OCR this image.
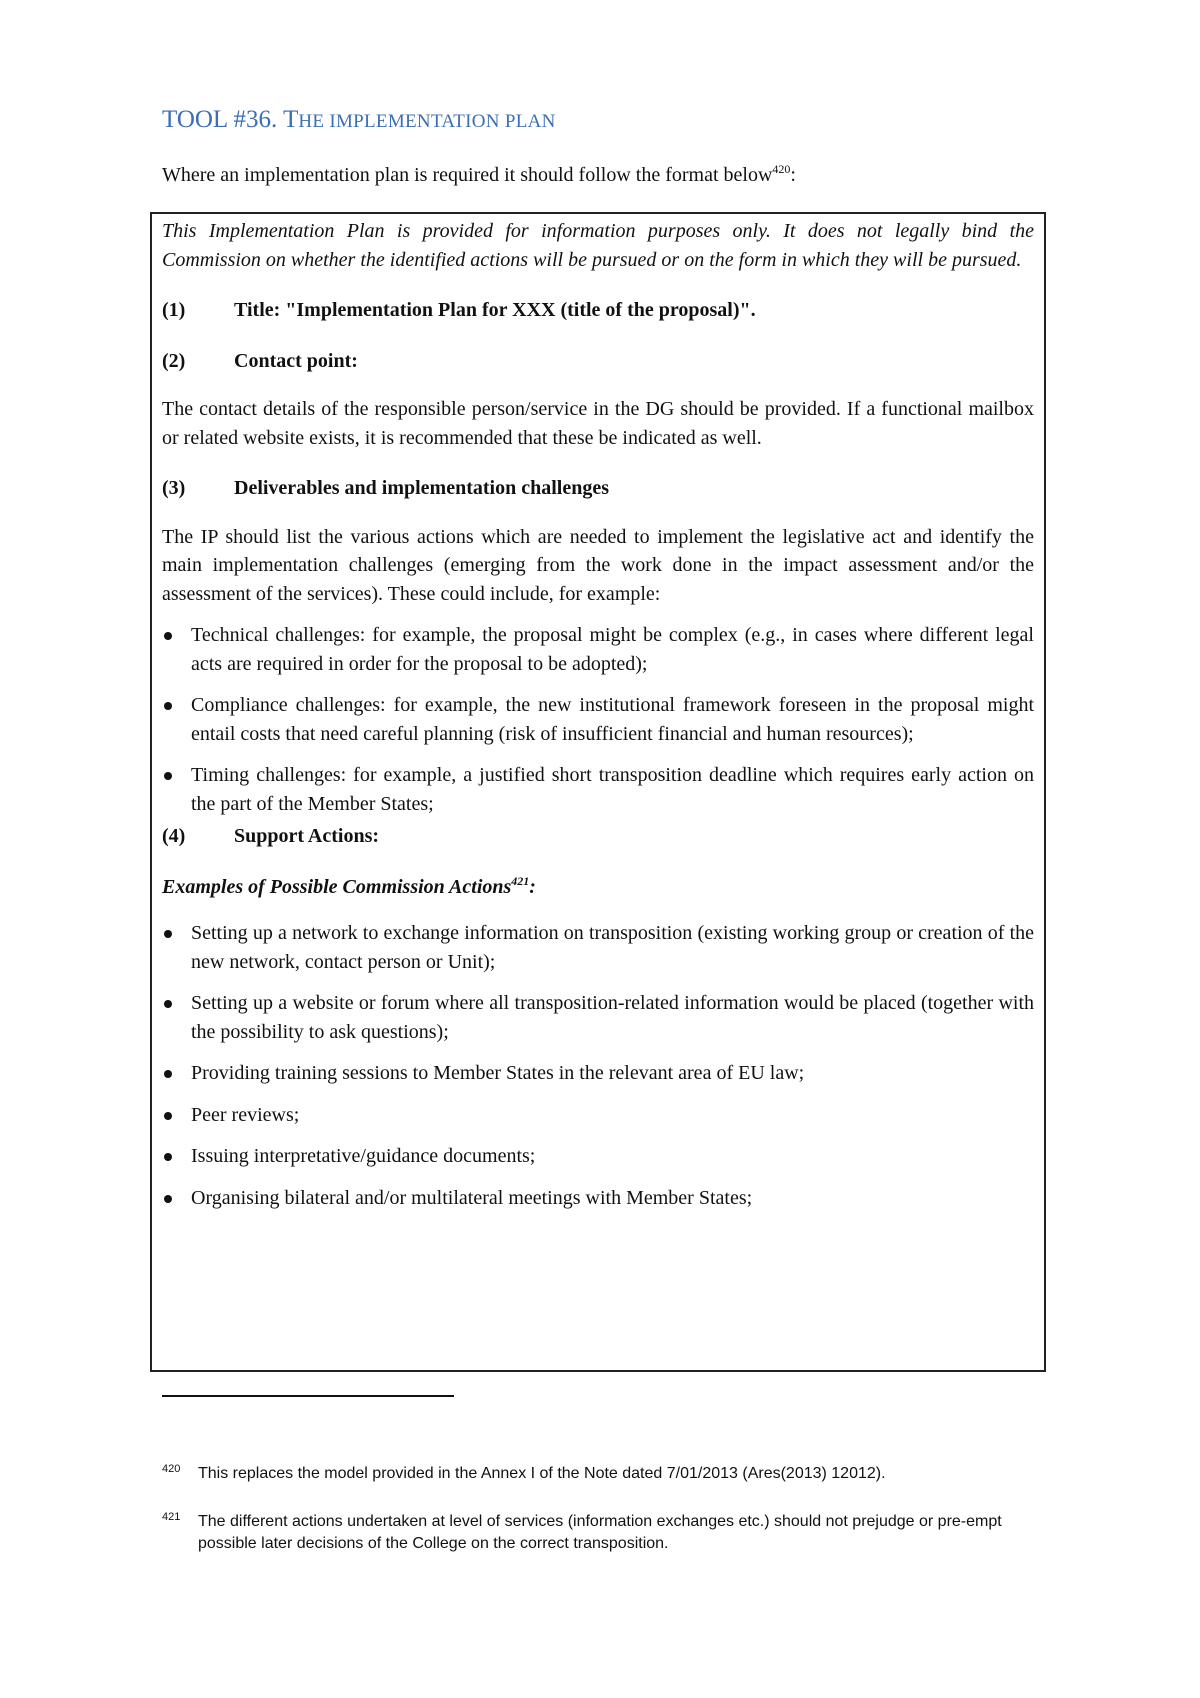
TOOL #36. THE IMPLEMENTATION PLAN

Where an implementation plan is required it should follow the format below$^{420}$:

This Implementation Plan is provided for information purposes only. It does not legally bind the Commission on whether the identified actions will be pursued or on the form in which they will be pursued.

(1)	Title: "Implementation Plan for XXX (title of the proposal)".

(2)	Contact point:

The contact details of the responsible person/service in the DG should be provided. If a functional mailbox or related website exists, it is recommended that these be indicated as well.

(3)	Deliverables and implementation challenges

The IP should list the various actions which are needed to implement the legislative act and identify the main implementation challenges (emerging from the work done in the impact assessment and/or the assessment of the services). These could include, for example:

Technical challenges: for example, the proposal might be complex (e.g., in cases where different legal acts are required in order for the proposal to be adopted);
Compliance challenges: for example, the new institutional framework foreseen in the proposal might entail costs that need careful planning (risk of insufficient financial and human resources);
Timing challenges: for example, a justified short transposition deadline which requires early action on the part of the Member States;

(4)	Support Actions:

Examples of Possible Commission Actions$^{421}$:

Setting up a network to exchange information on transposition (existing working group or creation of the new network, contact person or Unit);
Setting up a website or forum where all transposition-related information would be placed (together with the possibility to ask questions);
Providing training sessions to Member States in the relevant area of EU law;
Peer reviews;
Issuing interpretative/guidance documents;
Organising bilateral and/or multilateral meetings with Member States;
420	This replaces the model provided in the Annex I of the Note dated 7/01/2013 (Ares(2013) 12012).
421	The different actions undertaken at level of services (information exchanges etc.) should not prejudge or pre-empt possible later decisions of the College on the correct transposition.
